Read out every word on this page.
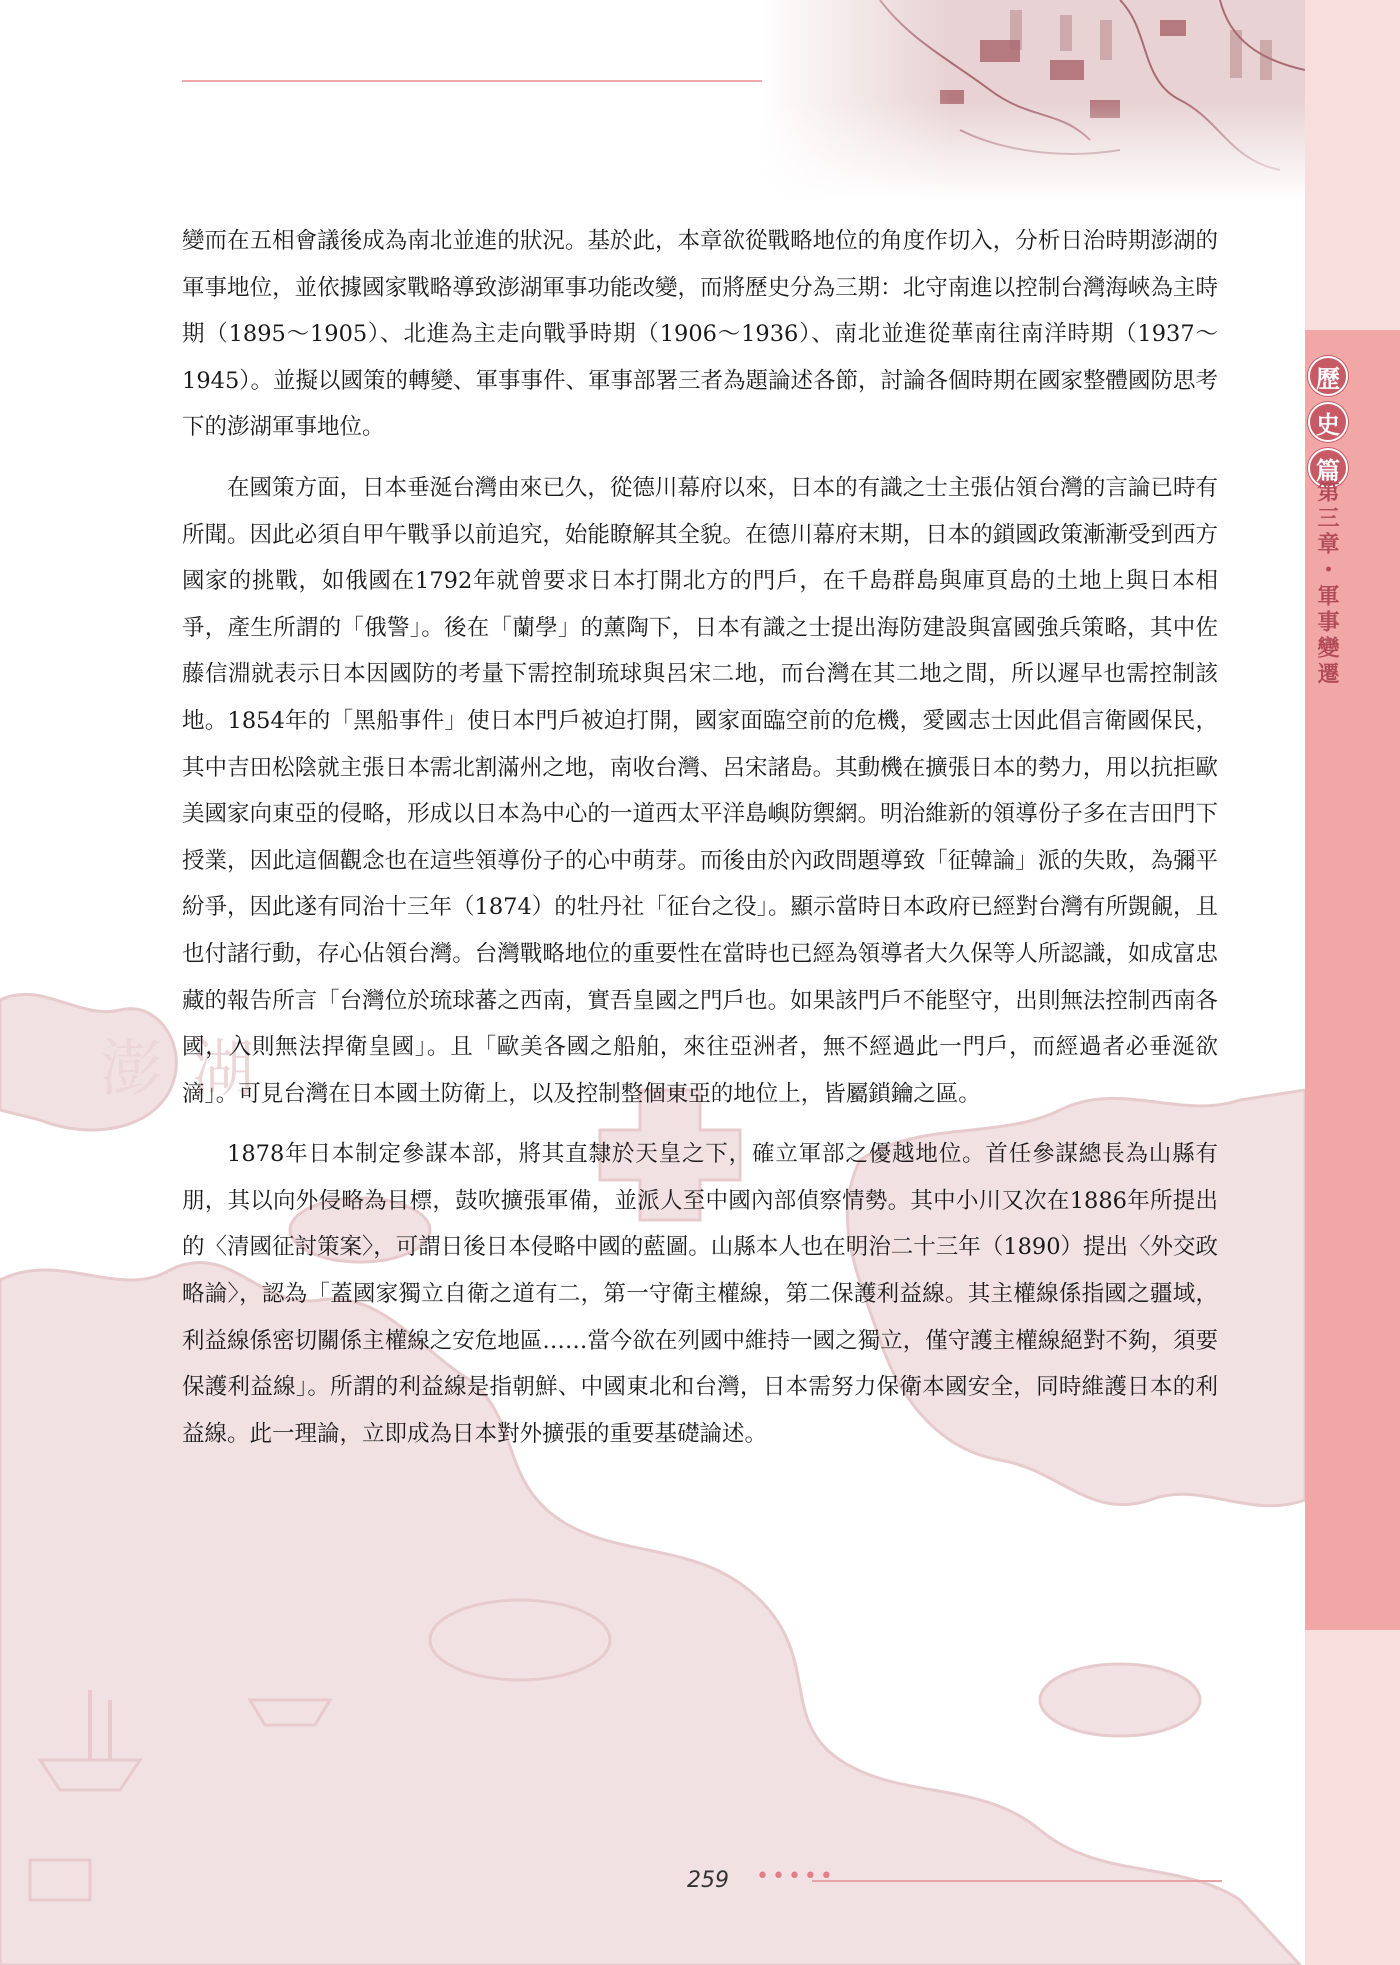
澎湖
歷
史
篇
第三章・軍事變遷

變而在五相會議後成為南北並進的狀況。基於此，本章欲從戰略地位的角度作切入，分析日治時期澎湖的軍事地位，並依據國家戰略導致澎湖軍事功能改變，而將歷史分為三期：北守南進以控制台灣海峽為主時期（1895～1905）、北進為主走向戰爭時期（1906～1936）、南北並進從華南往南洋時期（1937～1945）。並擬以國策的轉變、軍事事件、軍事部署三者為題論述各節，討論各個時期在國家整體國防思考下的澎湖軍事地位。

在國策方面，日本垂涎台灣由來已久，從德川幕府以來，日本的有識之士主張佔領台灣的言論已時有所聞。因此必須自甲午戰爭以前追究，始能瞭解其全貌。在德川幕府末期，日本的鎖國政策漸漸受到西方國家的挑戰，如俄國在1792年就曾要求日本打開北方的門戶，在千島群島與庫頁島的土地上與日本相爭，產生所謂的「俄警」。後在「蘭學」的薰陶下，日本有識之士提出海防建設與富國強兵策略，其中佐藤信淵就表示日本因國防的考量下需控制琉球與呂宋二地，而台灣在其二地之間，所以遲早也需控制該地。1854年的「黑船事件」使日本門戶被迫打開，國家面臨空前的危機，愛國志士因此倡言衛國保民，其中吉田松陰就主張日本需北割滿州之地，南收台灣、呂宋諸島。其動機在擴張日本的勢力，用以抗拒歐美國家向東亞的侵略，形成以日本為中心的一道西太平洋島嶼防禦網。明治維新的領導份子多在吉田門下授業，因此這個觀念也在這些領導份子的心中萌芽。而後由於內政問題導致「征韓論」派的失敗，為彌平紛爭，因此遂有同治十三年（1874）的牡丹社「征台之役」。顯示當時日本政府已經對台灣有所覬覦，且也付諸行動，存心佔領台灣。台灣戰略地位的重要性在當時也已經為領導者大久保等人所認識，如成富忠藏的報告所言「台灣位於琉球蕃之西南，實吾皇國之門戶也。如果該門戶不能堅守，出則無法控制西南各國，入則無法捍衛皇國」。且「歐美各國之船舶，來往亞洲者，無不經過此一門戶，而經過者必垂涎欲滴」。可見台灣在日本國土防衛上，以及控制整個東亞的地位上，皆屬鎖鑰之區。

1878年日本制定參謀本部，將其直隸於天皇之下，確立軍部之優越地位。首任參謀總長為山縣有朋，其以向外侵略為目標，鼓吹擴張軍備，並派人至中國內部偵察情勢。其中小川又次在1886年所提出的〈清國征討策案〉，可謂日後日本侵略中國的藍圖。山縣本人也在明治二十三年（1890）提出〈外交政略論〉，認為「蓋國家獨立自衛之道有二，第一守衛主權線，第二保護利益線。其主權線係指國之疆域，利益線係密切關係主權線之安危地區……當今欲在列國中維持一國之獨立，僅守護主權線絕對不夠，須要保護利益線」。所謂的利益線是指朝鮮、中國東北和台灣，日本需努力保衛本國安全，同時維護日本的利益線。此一理論，立即成為日本對外擴張的重要基礎論述。

259	•••••
